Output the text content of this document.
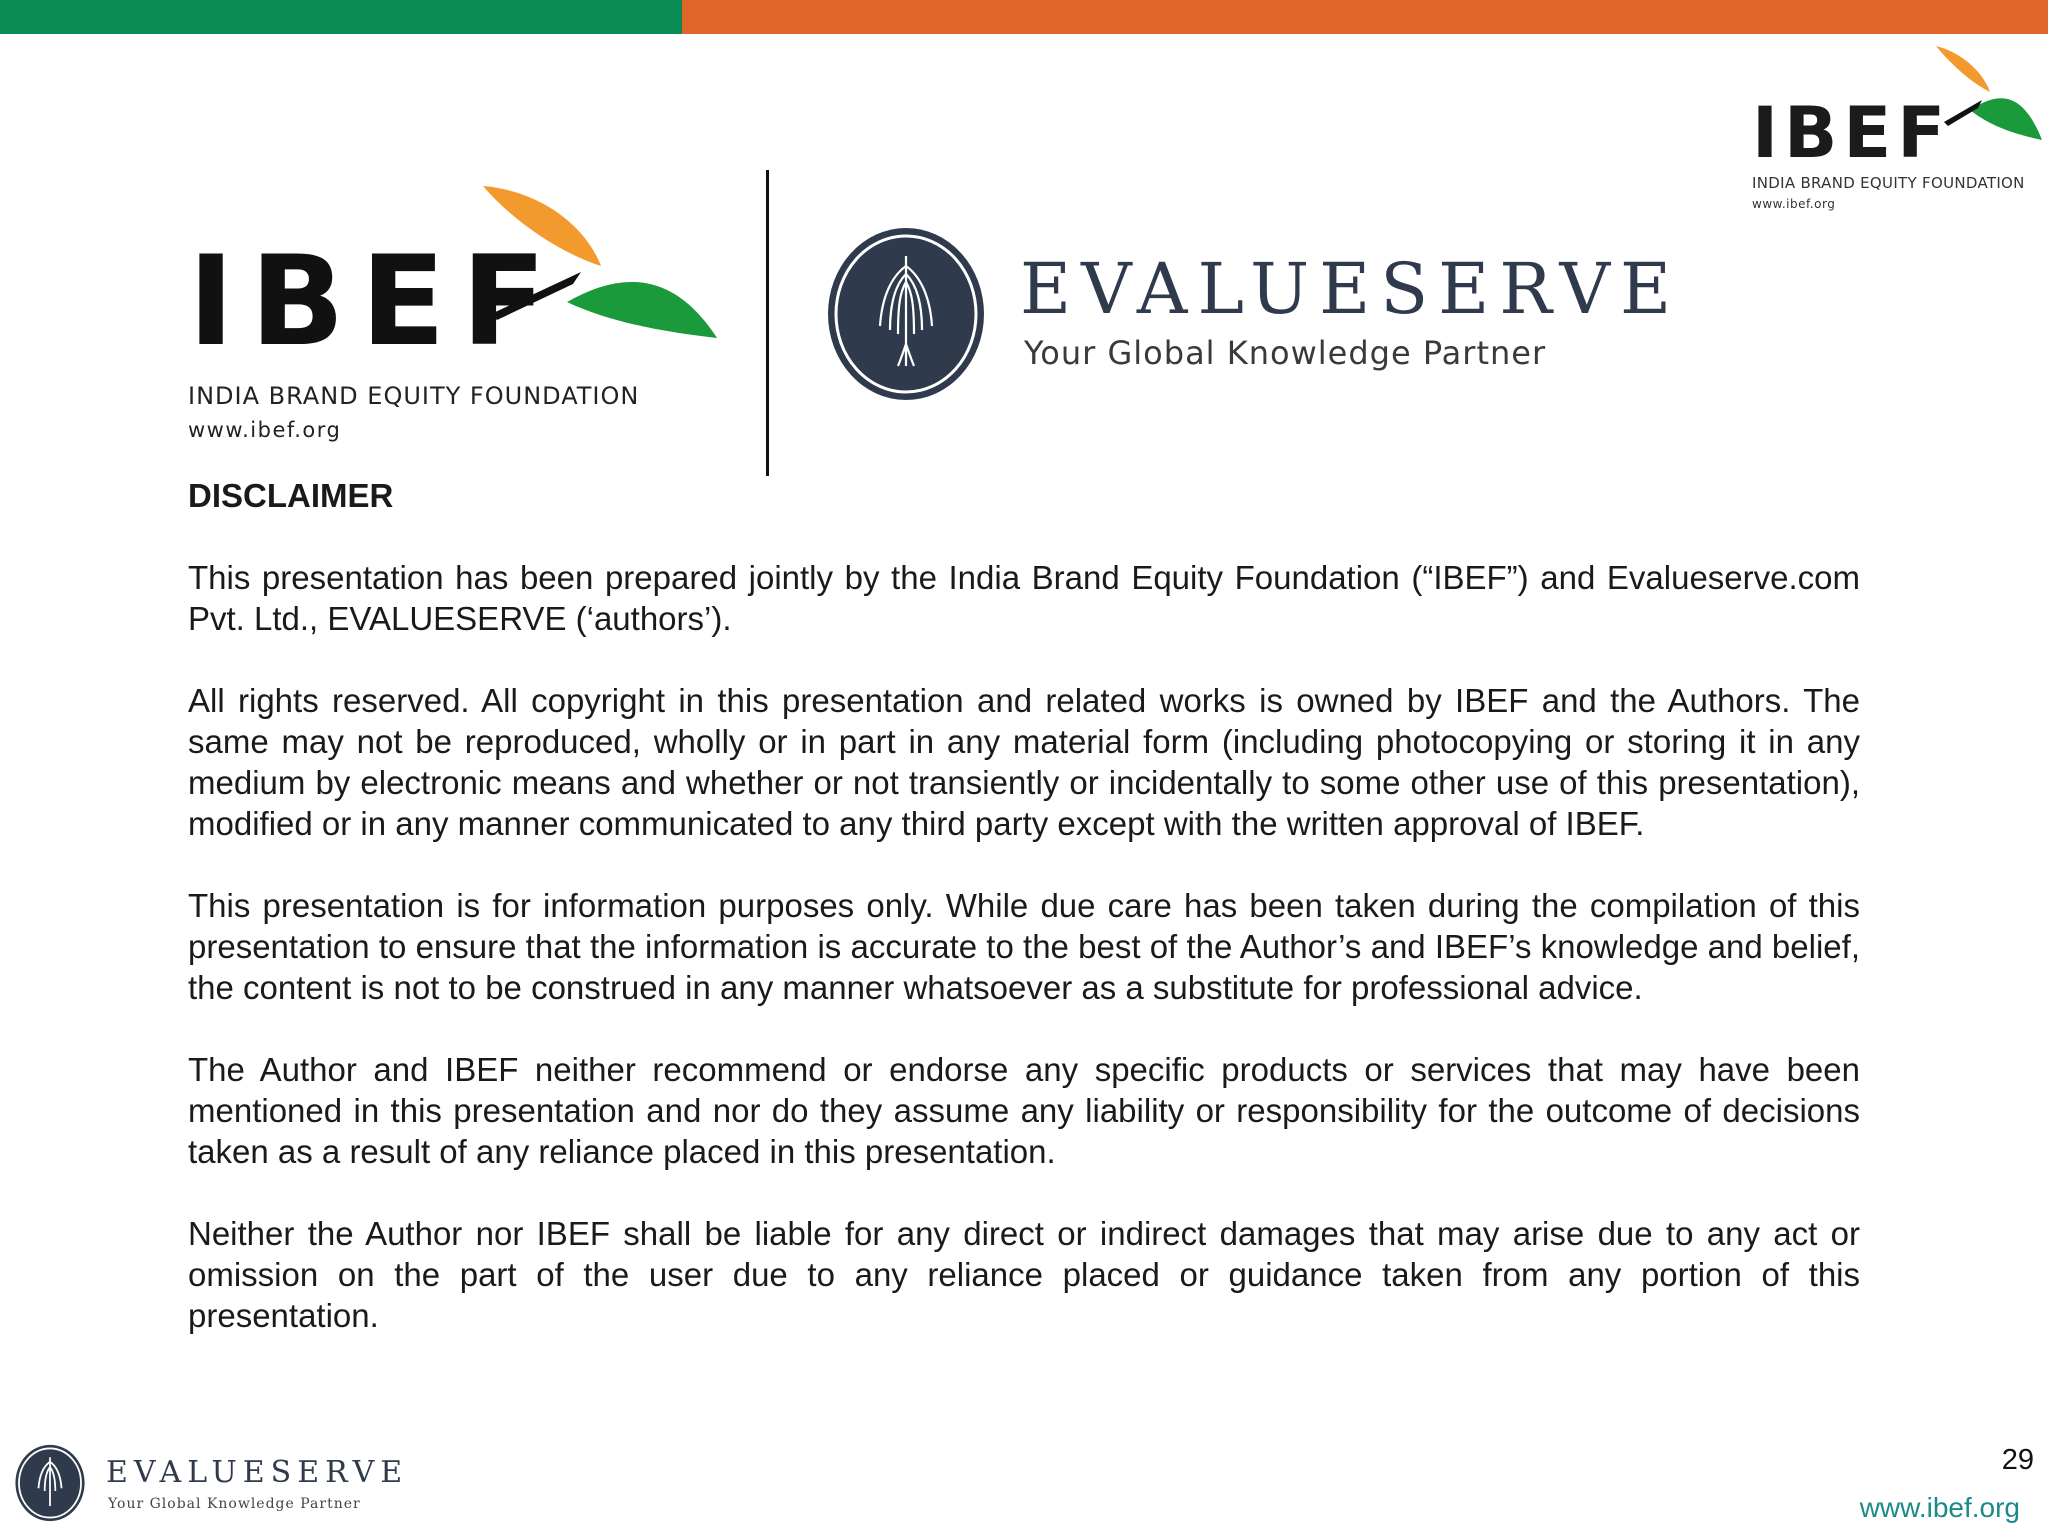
IBEF
INDIA BRAND EQUITY FOUNDATION
www.ibef.org
IBEF
INDIA BRAND EQUITY FOUNDATION
www.ibef.org
EVALUESERVE
Your Global Knowledge Partner
DISCLAIMER

This presentation has been prepared jointly by the India Brand Equity Foundation (“IBEF”) and Evalueserve.com Pvt. Ltd., EVALUESERVE (‘authors’).

All rights reserved. All copyright in this presentation and related works is owned by IBEF and the Authors. The same may not be reproduced, wholly or in part in any material form (including photocopying or storing it in any medium by electronic means and whether or not transiently or incidentally to some other use of this presentation), modified or in any manner communicated to any third party except with the written approval of IBEF.

This presentation is for information purposes only. While due care has been taken during the compilation of this presentation to ensure that the information is accurate to the best of the Author’s and IBEF’s knowledge and belief, the content is not to be construed in any manner whatsoever as a substitute for professional advice.

The Author and IBEF neither recommend or endorse any specific products or services that may have been mentioned in this presentation and nor do they assume any liability or responsibility for the outcome of decisions taken as a result of any reliance placed in this presentation.

Neither the Author nor IBEF shall be liable for any direct or indirect damages that may arise due to any act or omission on the part of the user due to any reliance placed or guidance taken from any portion of this presentation.

EVALUESERVE
Your Global Knowledge Partner
29
www.ibef.org
